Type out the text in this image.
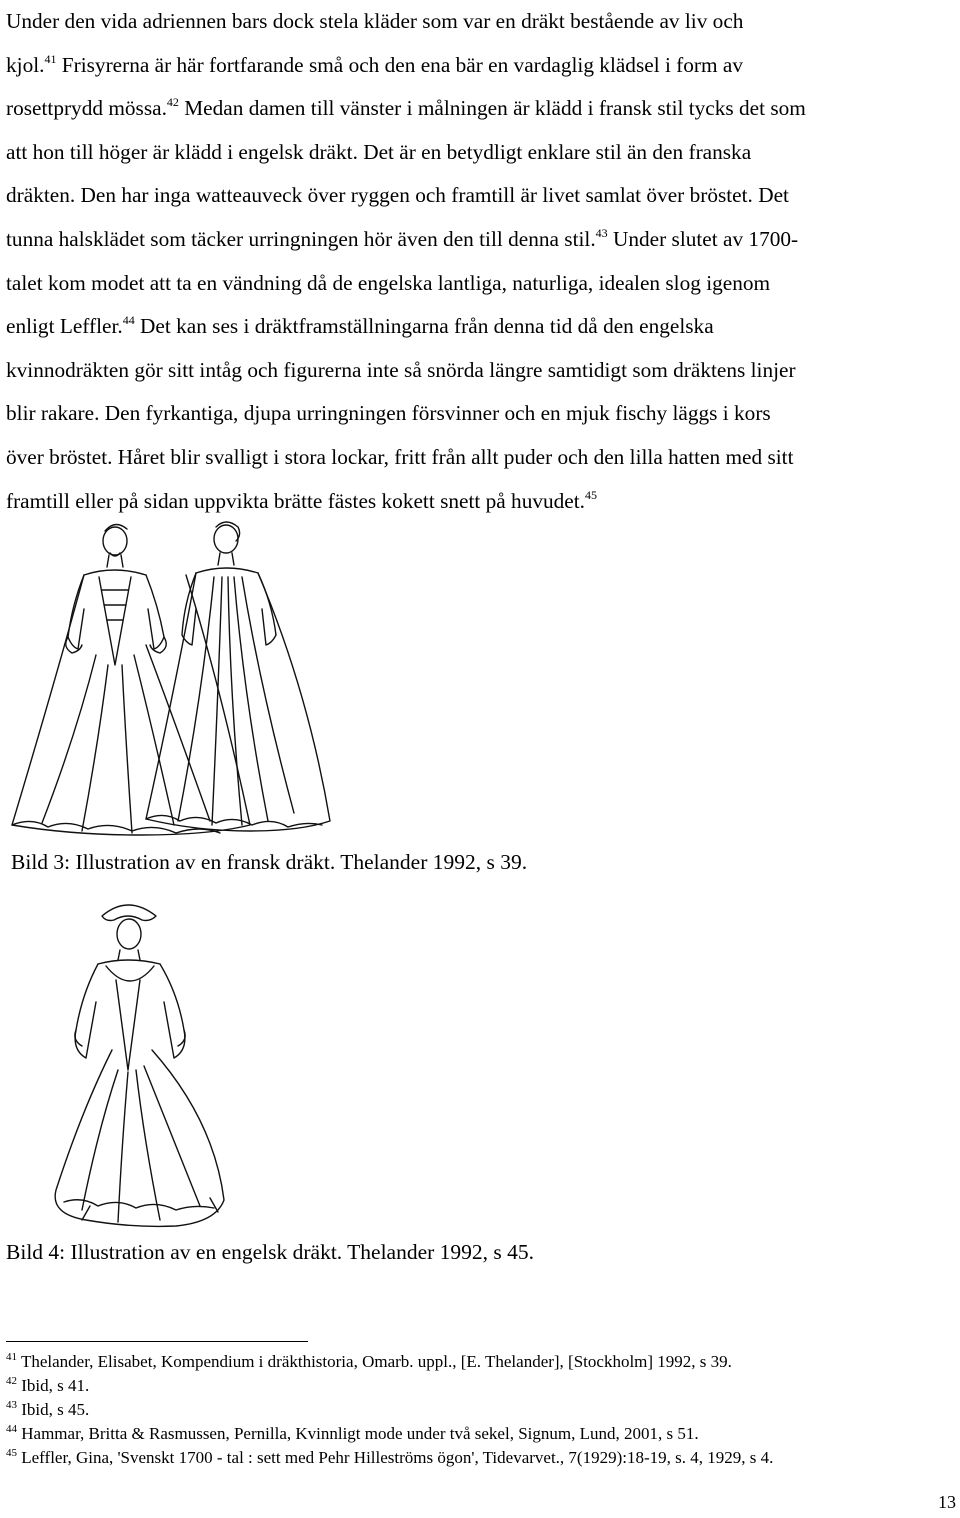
Under den vida adriennen bars dock stela kläder som var en dräkt bestående av liv och
kjol.$^{41}$ Frisyrerna är här fortfarande små och den ena bär en vardaglig klädsel i form av
rosettprydd mössa.$^{42}$ Medan damen till vänster i målningen är klädd i fransk stil tycks det som
att hon till höger är klädd i engelsk dräkt. Det är en betydligt enklare stil än den franska
dräkten. Den har inga watteauveck över ryggen och framtill är livet samlat över bröstet. Det
tunna halsklädet som täcker urringningen hör även den till denna stil.$^{43}$ Under slutet av 1700-
talet kom modet att ta en vändning då de engelska lantliga, naturliga, idealen slog igenom
enligt Leffler.$^{44}$ Det kan ses i dräktframställningarna från denna tid då den engelska
kvinnodräkten gör sitt intåg och figurerna inte så snörda längre samtidigt som dräktens linjer
blir rakare. Den fyrkantiga, djupa urringningen försvinner och en mjuk fischy läggs i kors
över bröstet. Håret blir svalligt i stora lockar, fritt från allt puder och den lilla hatten med sitt
framtill eller på sidan uppvikta brätte fästes kokett snett på huvudet.$^{45}$

Bild 3: Illustration av en fransk dräkt. Thelander 1992, s 39.
Bild 4: Illustration av en engelsk dräkt. Thelander 1992, s 45.
$^{41}$ Thelander, Elisabet, Kompendium i dräkthistoria, Omarb. uppl., [E. Thelander], [Stockholm] 1992, s 39.
$^{42}$ Ibid, s 41.
$^{43}$ Ibid, s 45.
$^{44}$ Hammar, Britta & Rasmussen, Pernilla, Kvinnligt mode under två sekel, Signum, Lund, 2001, s 51.
$^{45}$ Leffler, Gina, 'Svenskt 1700 - tal : sett med Pehr Hilleströms ögon', Tidevarvet., 7(1929):18-19, s. 4, 1929, s 4.
13
